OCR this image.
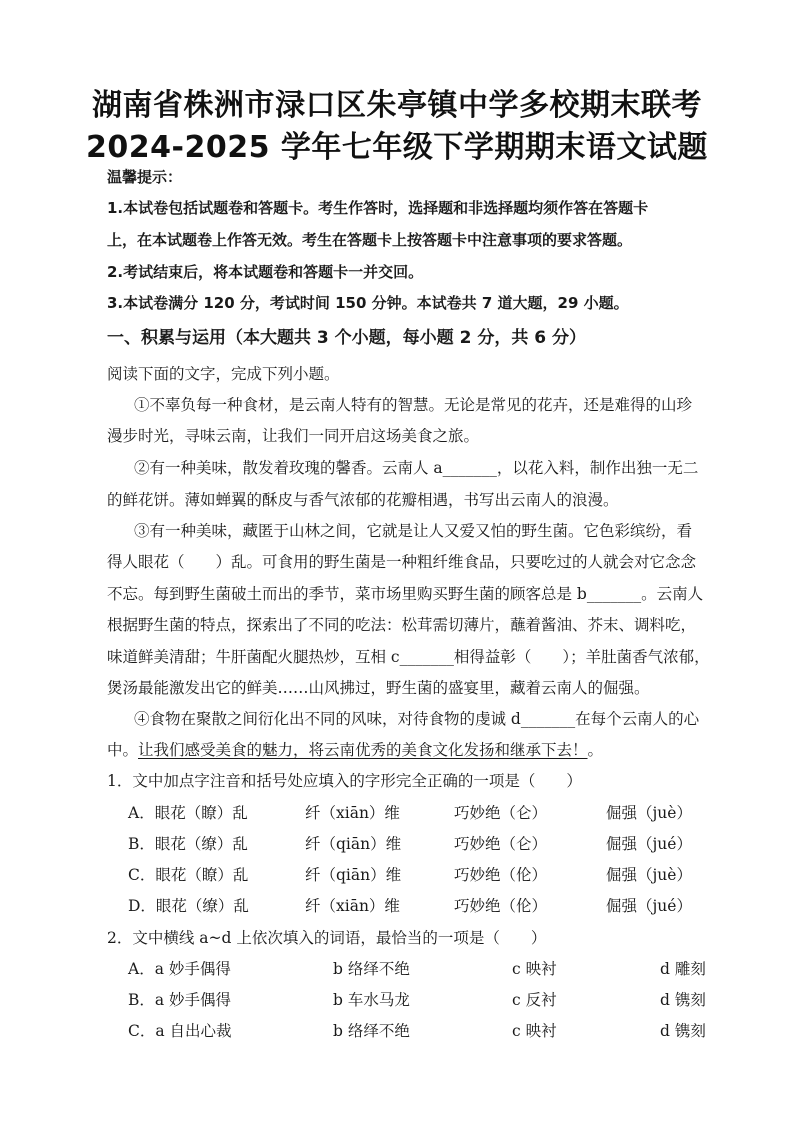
湖南省株洲市渌口区朱亭镇中学多校期末联考
2024-2025 学年七年级下学期期末语文试题
温馨提示：
1.本试卷包括试题卷和答题卡。考生作答时，选择题和非选择题均须作答在答题卡
上，在本试题卷上作答无效。考生在答题卡上按答题卡中注意事项的要求答题。
2.考试结束后，将本试题卷和答题卡一并交回。
3.本试卷满分 120 分，考试时间 150 分钟。本试卷共 7 道大题，29 小题。
一、积累与运用（本大题共 3 个小题，每小题 2 分，共 6 分）
阅读下面的文字，完成下列小题。
①不辜负每一种食材，是云南人特有的智慧。无论是常见的花卉，还是难得的山珍
漫步时光，寻味云南，让我们一同开启这场美食之旅。
②有一种美味，散发着玫瑰的馨香。云南人 a_______，以花入料，制作出独一无二
的鲜花饼。薄如蝉翼的酥皮与香气浓郁的花瓣相遇，书写出云南人的浪漫。
③有一种美味，藏匿于山林之间，它就是让人又爱又怕的野生菌。它色彩缤纷，看
得人眼花（　　）乱。可食用的野生菌是一种粗纤维食品，只要吃过的人就会对它念念
不忘。每到野生菌破土而出的季节，菜市场里购买野生菌的顾客总是 b_______。云南人
根据野生菌的特点，探索出了不同的吃法：松茸需切薄片，蘸着酱油、芥末、调料吃，
味道鲜美清甜；牛肝菌配火腿热炒，互相 c_______相得益彰（　　）；羊肚菌香气浓郁，
煲汤最能激发出它的鲜美……山风拂过，野生菌的盛宴里，藏着云南人的倔强。
④食物在聚散之间衍化出不同的风味，对待食物的虔诚 d_______在每个云南人的心
中。让我们感受美食的魅力，将云南优秀的美食文化发扬和继承下去！。
1．文中加点字注音和括号处应填入的字形完全正确的一项是（　　）
A．眼花（瞭）乱	纤（xiān）维	巧妙绝（仑）	倔强（juè）
B．眼花（缭）乱	纤（qiān）维	巧妙绝（仑）	倔强（jué）
C．眼花（瞭）乱	纤（qiān）维	巧妙绝（伦）	倔强（juè）
D．眼花（缭）乱	纤（xiān）维	巧妙绝（伦）	倔强（jué）
2．文中横线 a~d 上依次填入的词语，最恰当的一项是（　　）
A．a 妙手偶得	b 络绎不绝	c 映衬	d 雕刻
B．a 妙手偶得	b 车水马龙	c 反衬	d 镌刻
C．a 自出心裁	b 络绎不绝	c 映衬	d 镌刻
